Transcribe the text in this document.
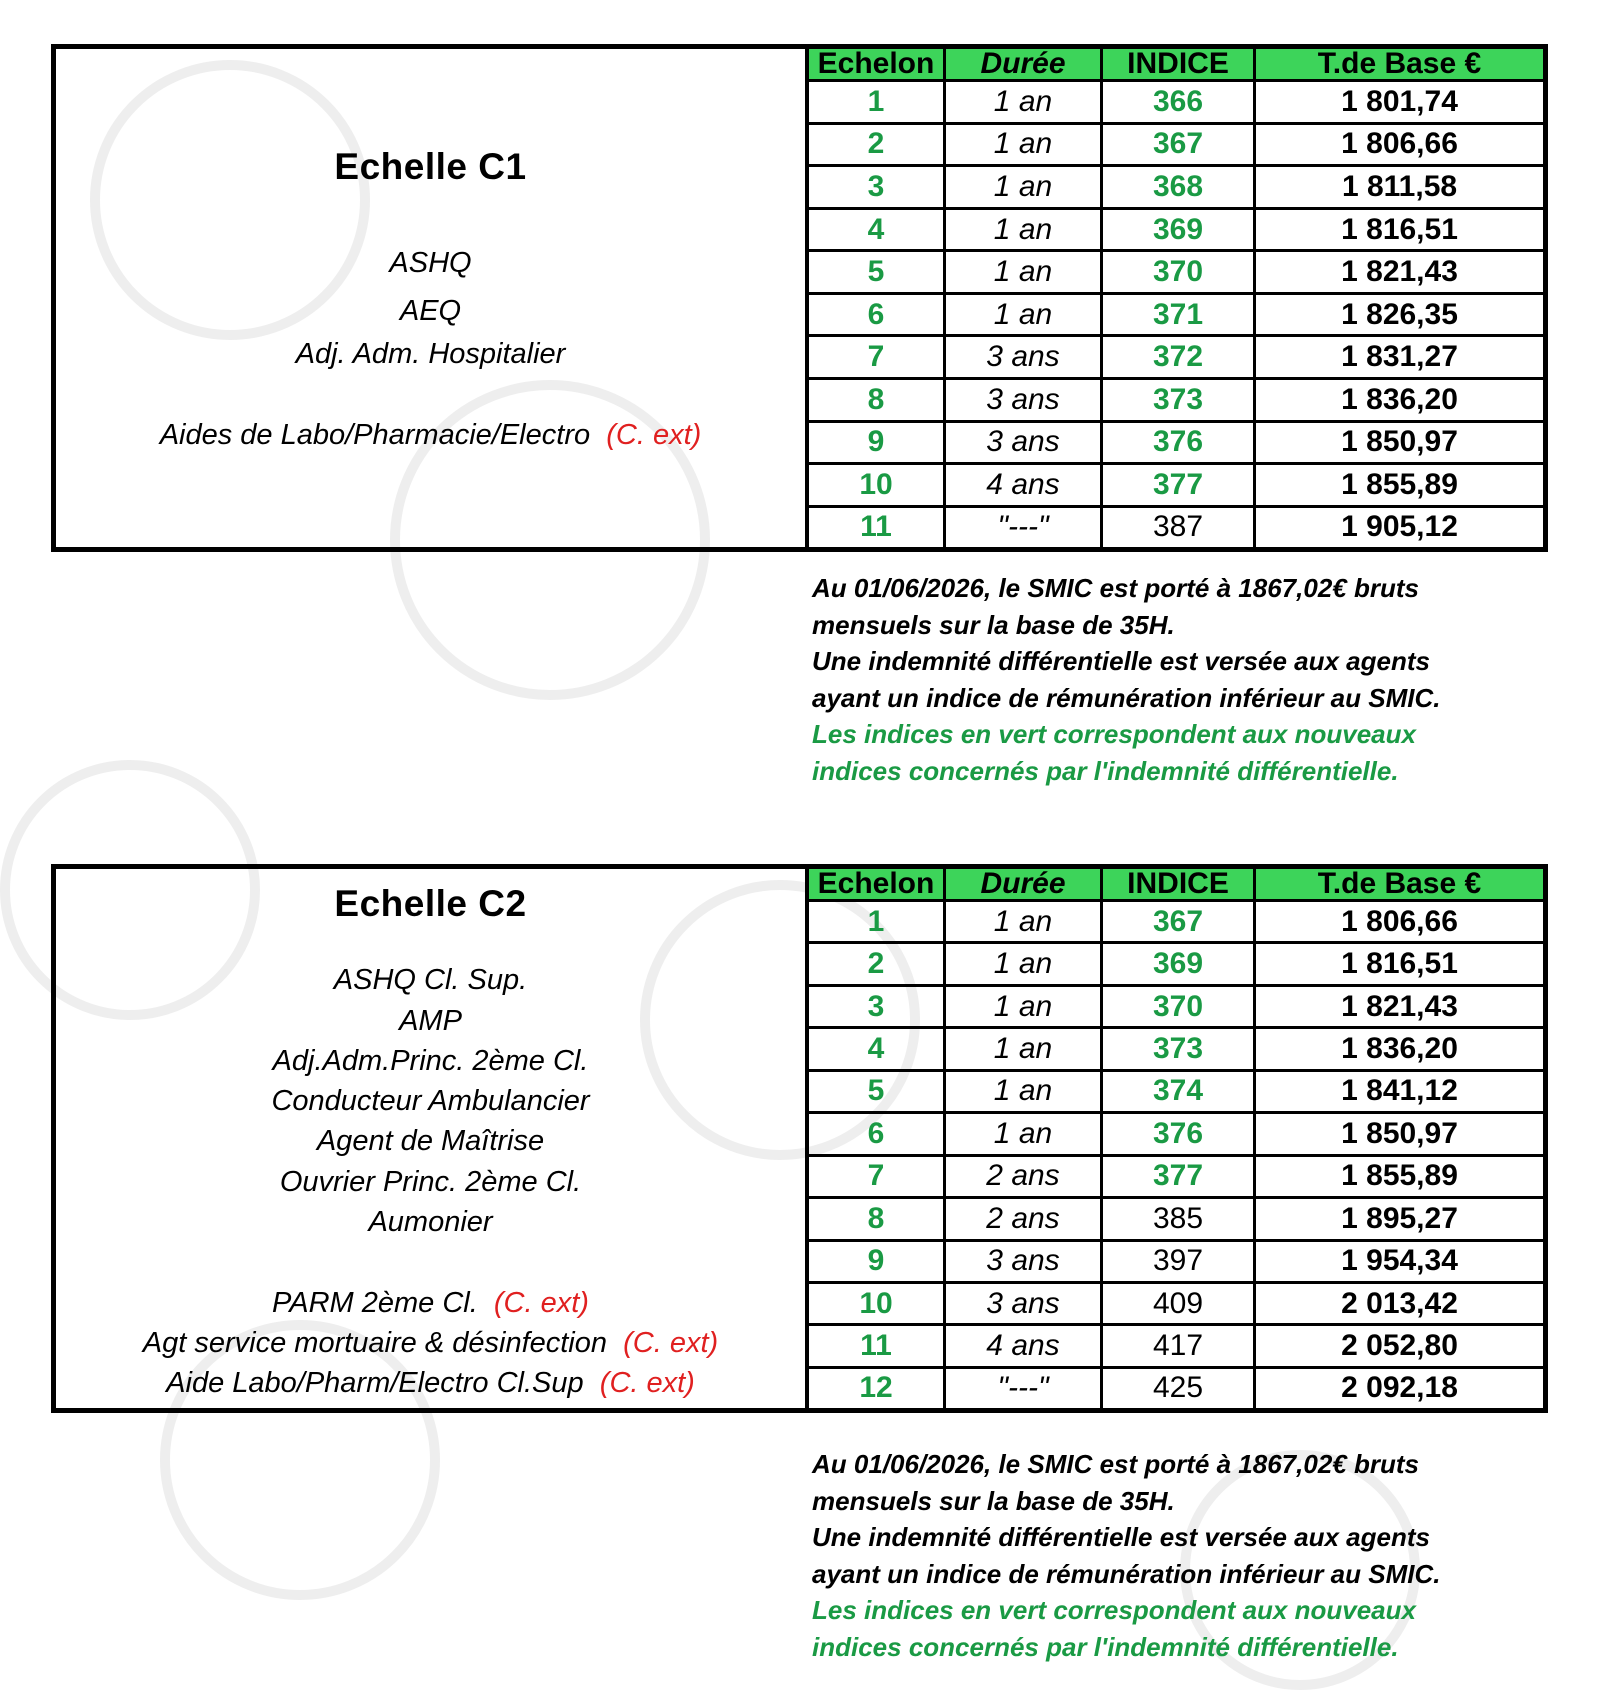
Echelle C1
ASHQ
AEQ
Adj. Adm. Hospitalier
Aides de Labo/Pharmacie/Electro (C. ext)
Echelon	Durée	INDICE	T.de Base €
1	1 an	366	1 801,74
2	1 an	367	1 806,66
3	1 an	368	1 811,58
4	1 an	369	1 816,51
5	1 an	370	1 821,43
6	1 an	371	1 826,35
7	3 ans	372	1 831,27
8	3 ans	373	1 836,20
9	3 ans	376	1 850,97
10	4 ans	377	1 855,89
11	"---"	387	1 905,12
Au 01/06/2026, le SMIC est porté à 1867,02€ bruts
mensuels sur la base de 35H.
Une indemnité différentielle est versée aux agents
ayant un indice de rémunération inférieur au SMIC.
Les indices en vert correspondent aux nouveaux
indices concernés par l'indemnité différentielle.
Echelle C2
ASHQ Cl. Sup.
AMP
Adj.Adm.Princ. 2ème Cl.
Conducteur Ambulancier
Agent de Maîtrise
Ouvrier Princ. 2ème Cl.
Aumonier
PARM 2ème Cl. (C. ext)
Agt service mortuaire & désinfection (C. ext)
Aide Labo/Pharm/Electro Cl.Sup (C. ext)
Echelon	Durée	INDICE	T.de Base €
1	1 an	367	1 806,66
2	1 an	369	1 816,51
3	1 an	370	1 821,43
4	1 an	373	1 836,20
5	1 an	374	1 841,12
6	1 an	376	1 850,97
7	2 ans	377	1 855,89
8	2 ans	385	1 895,27
9	3 ans	397	1 954,34
10	3 ans	409	2 013,42
11	4 ans	417	2 052,80
12	"---"	425	2 092,18
Au 01/06/2026, le SMIC est porté à 1867,02€ bruts
mensuels sur la base de 35H.
Une indemnité différentielle est versée aux agents
ayant un indice de rémunération inférieur au SMIC.
Les indices en vert correspondent aux nouveaux
indices concernés par l'indemnité différentielle.
